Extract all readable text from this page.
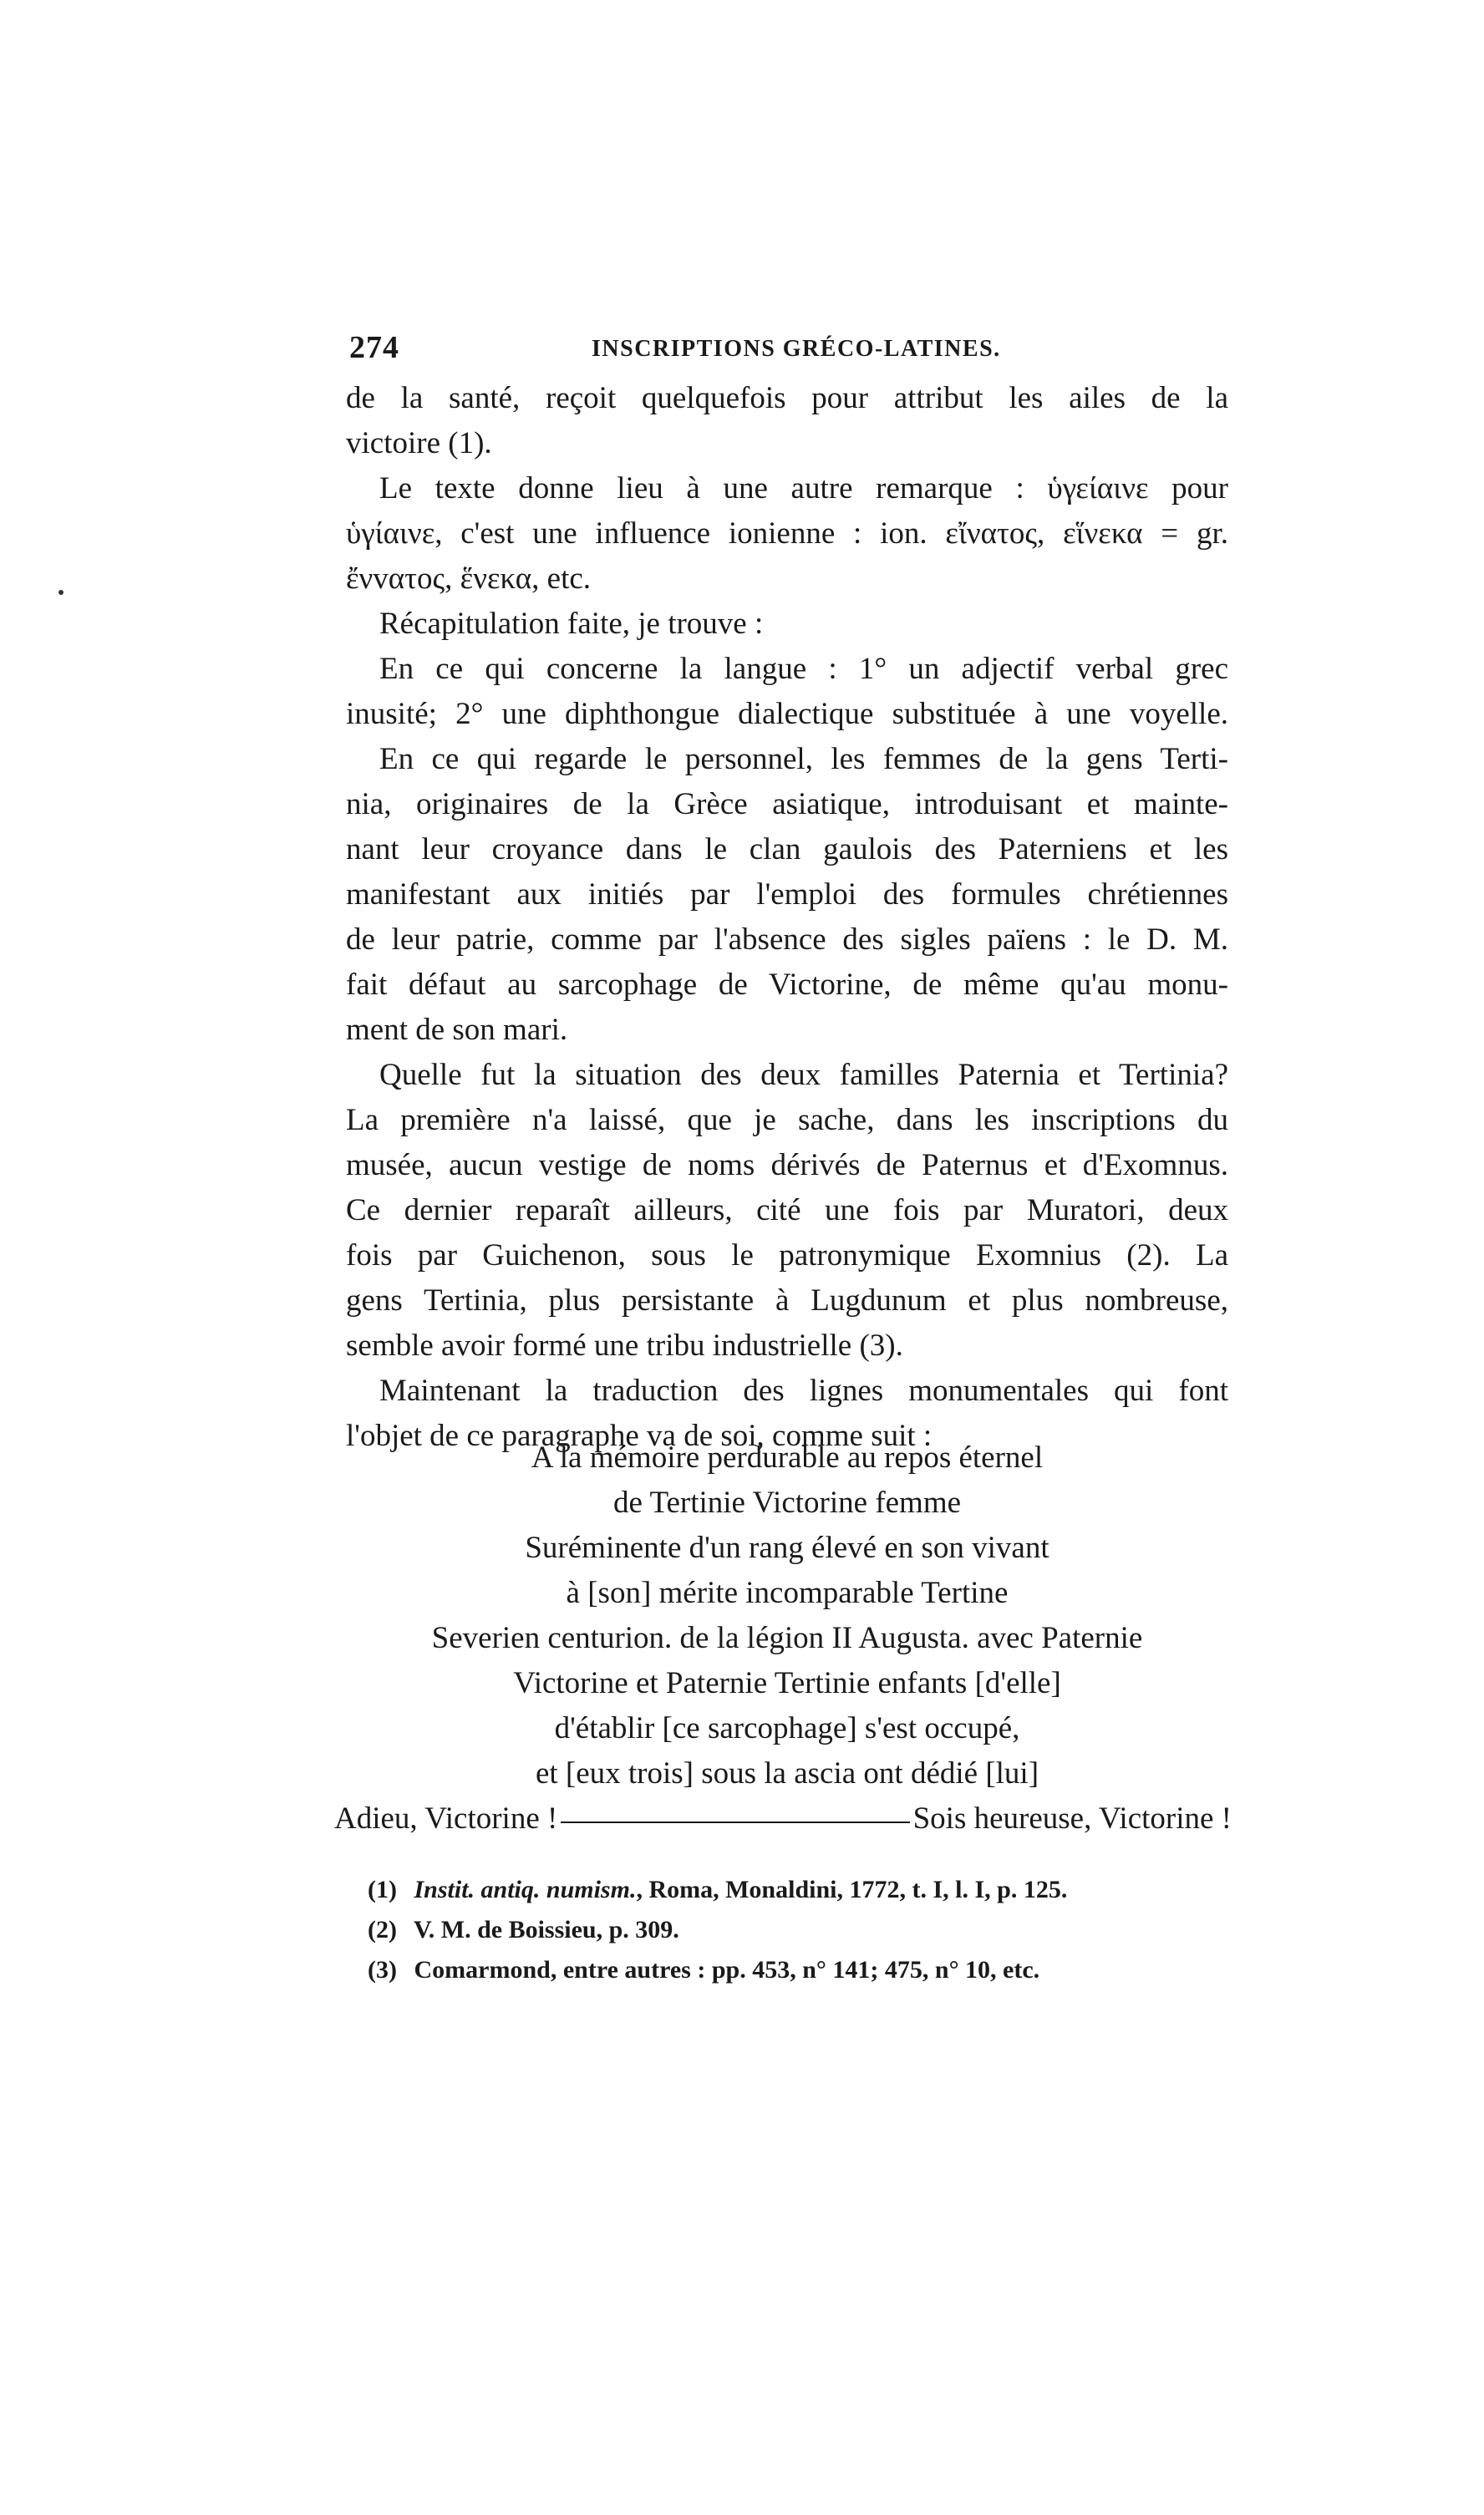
274	INSCRIPTIONS GRÉCO-LATINES.
de la santé, reçoit quelquefois pour attribut les ailes de la
victoire (1).
Le texte donne lieu à une autre remarque : ὑγείαινε pour
ὑγίαινε, c'est une influence ionienne : ion. εἴνατος, εἵνεκα = gr.
ἔνvατος, ἕνεκα, etc.
Récapitulation faite, je trouve :
En ce qui concerne la langue : 1° un adjectif verbal grec
inusité; 2° une diphthongue dialectique substituée à une voyelle.
En ce qui regarde le personnel, les femmes de la gens Terti-
nia, originaires de la Grèce asiatique, introduisant et mainte-
nant leur croyance dans le clan gaulois des Paterniens et les
manifestant aux initiés par l'emploi des formules chrétiennes
de leur patrie, comme par l'absence des sigles païens : le D. M.
fait défaut au sarcophage de Victorine, de même qu'au monu-
ment de son mari.
Quelle fut la situation des deux familles Paternia et Tertinia?
La première n'a laissé, que je sache, dans les inscriptions du
musée, aucun vestige de noms dérivés de Paternus et d'Exomnus.
Ce dernier reparaît ailleurs, cité une fois par Muratori, deux
fois par Guichenon, sous le patronymique Exomnius (2). La
gens Tertinia, plus persistante à Lugdunum et plus nombreuse,
semble avoir formé une tribu industrielle (3).
Maintenant la traduction des lignes monumentales qui font
l'objet de ce paragraphe va de soi, comme suit :
A la mémoire perdurable au repos éternel
de Tertinie Victorine femme
Suréminente d'un rang élevé en son vivant
à [son] mérite incomparable Tertine
Severien centurion. de la légion II Augusta. avec Paternie
Victorine et Paternie Tertinie enfants [d'elle]
d'établir [ce sarcophage] s'est occupé,
et [eux trois] sous la ascia ont dédié [lui]
Adieu, Victorine !	Sois heureuse, Victorine !
(1) Instit. antiq. numism., Roma, Monaldini, 1772, t. I, l. I, p. 125.
(2) V. M. de Boissieu, p. 309.
(3) Comarmond, entre autres : pp. 453, n° 141; 475, n° 10, etc.
